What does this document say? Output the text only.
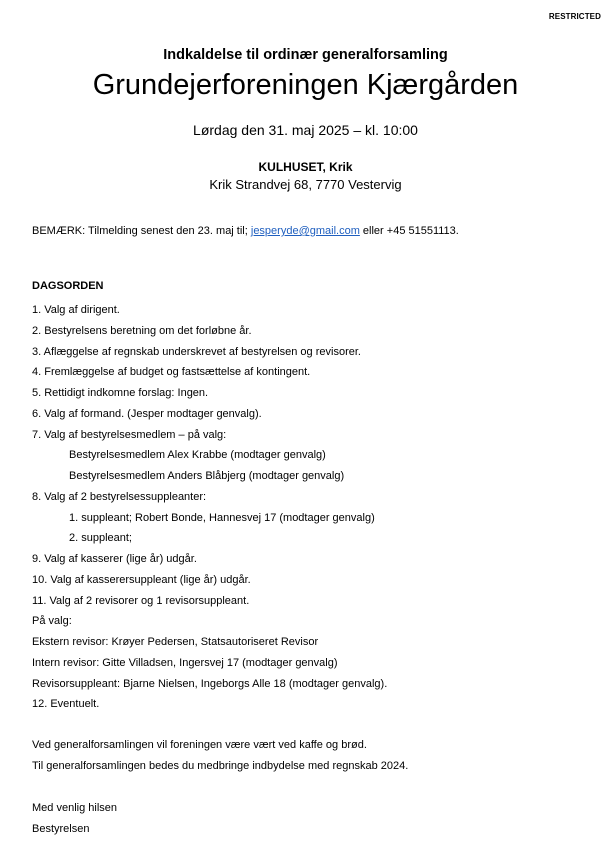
RESTRICTED
Indkaldelse til ordinær generalforsamling
Grundejerforeningen Kjærgården
Lørdag den 31. maj 2025 – kl. 10:00
KULHUSET, Krik
Krik Strandvej 68, 7770 Vestervig
BEMÆRK: Tilmelding senest den 23. maj til; jesperyde@gmail.com eller +45 51551113.
DAGSORDEN
1. Valg af dirigent.
2. Bestyrelsens beretning om det forløbne år.
3. Aflæggelse af regnskab underskrevet af bestyrelsen og revisorer.
4. Fremlæggelse af budget og fastsættelse af kontingent.
5. Rettidigt indkomne forslag: Ingen.
6. Valg af formand. (Jesper modtager genvalg).
7. Valg af bestyrelsesmedlem – på valg:
Bestyrelsesmedlem Alex Krabbe (modtager genvalg)
Bestyrelsesmedlem Anders Blåbjerg (modtager genvalg)
8. Valg af 2 bestyrelsessuppleanter:
1. suppleant; Robert Bonde, Hannesvej 17 (modtager genvalg)
2. suppleant;
9. Valg af kasserer (lige år) udgår.
10. Valg af kasserersuppleant (lige år) udgår.
11. Valg af 2 revisorer og 1 revisorsuppleant.
På valg:
Ekstern revisor: Krøyer Pedersen, Statsautoriseret Revisor
Intern revisor: Gitte Villadsen, Ingersvej 17 (modtager genvalg)
Revisorsuppleant: Bjarne Nielsen, Ingeborgs Alle 18 (modtager genvalg).
12. Eventuelt.
Ved generalforsamlingen vil foreningen være vært ved kaffe og brød.
Til generalforsamlingen bedes du medbringe indbydelse med regnskab 2024.
Med venlig hilsen
Bestyrelsen
